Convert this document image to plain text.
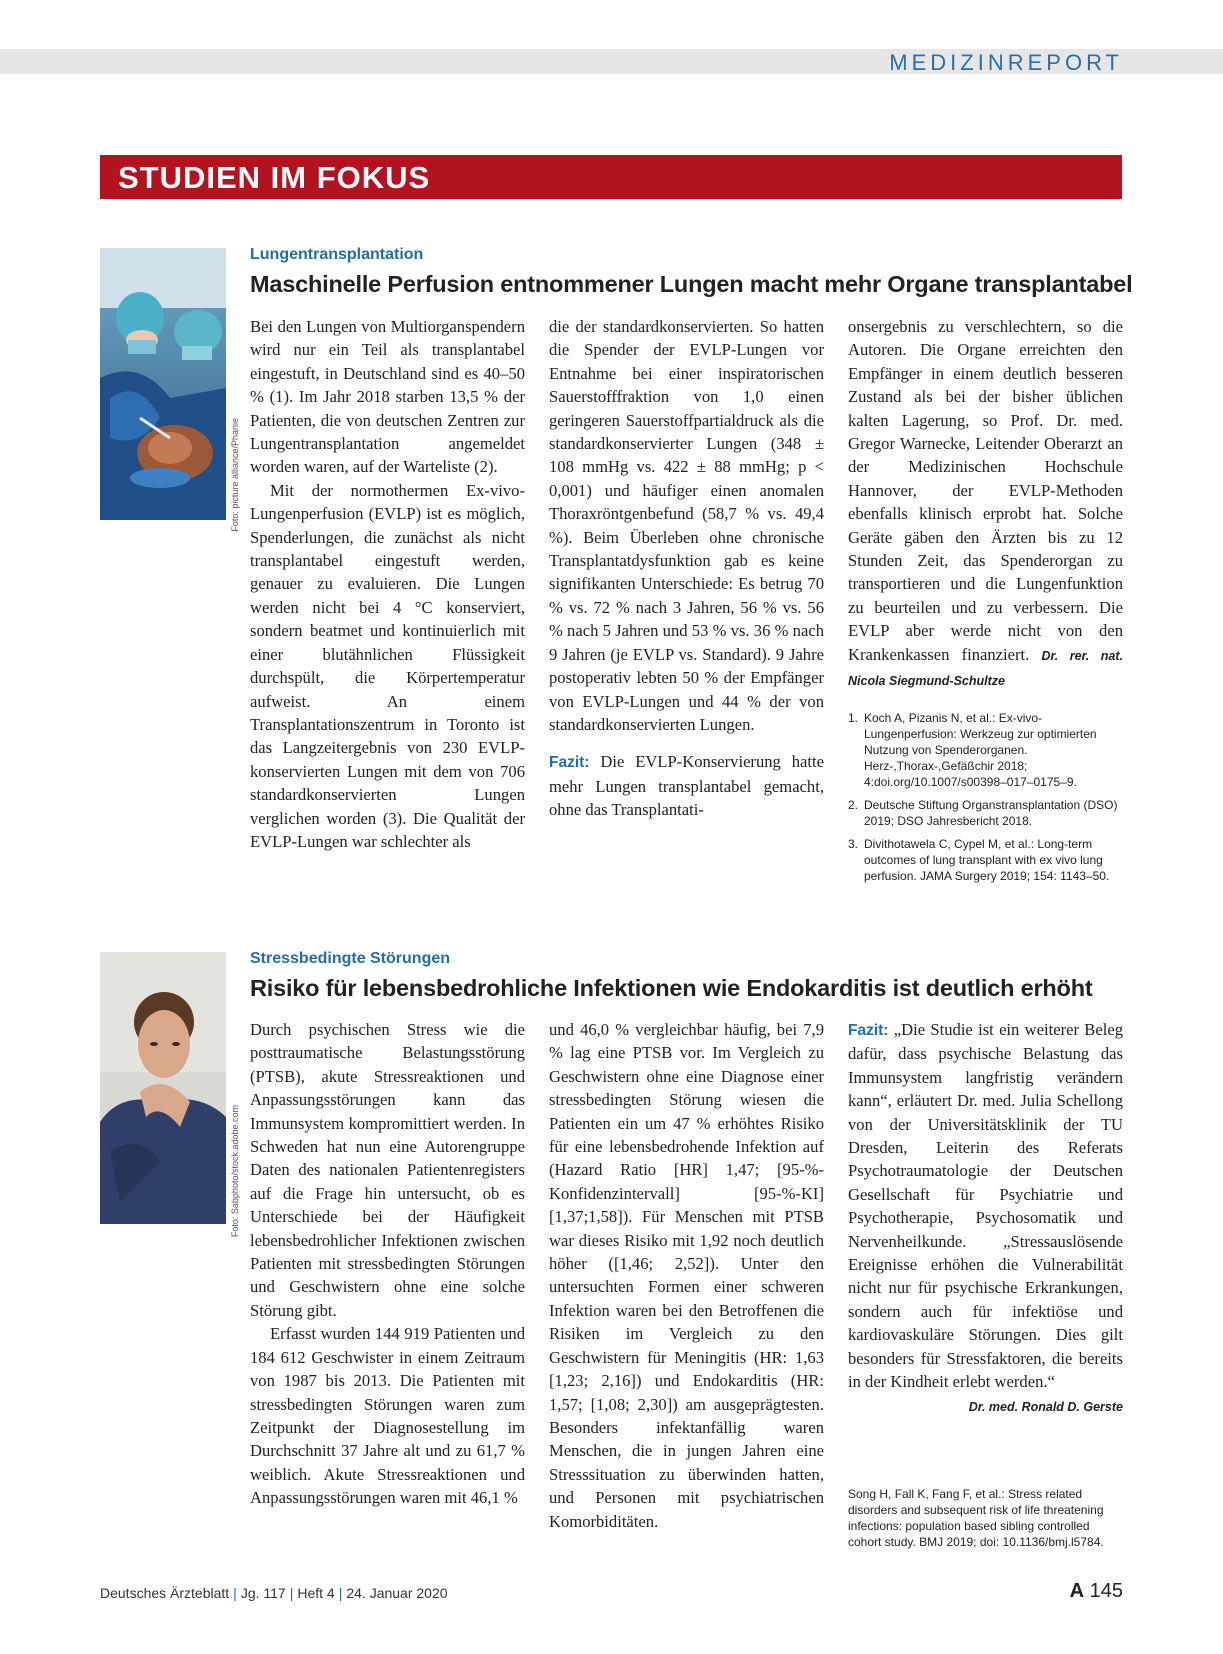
MEDIZINREPORT
STUDIEN IM FOKUS
Foto: picture alliance/Phanie
Lungentransplantation
Maschinelle Perfusion entnommener Lungen macht mehr Organe transplantabel

Bei den Lungen von Multiorganspendern wird nur ein Teil als transplantabel eingestuft, in Deutschland sind es 40–50 % (1). Im Jahr 2018 starben 13,5 % der Patienten, die von deutschen Zentren zur Lungentransplantation angemeldet worden waren, auf der Warteliste (2).

Mit der normothermen Ex-vivo-Lungenperfusion (EVLP) ist es möglich, Spenderlungen, die zunächst als nicht transplantabel eingestuft werden, genauer zu evaluieren. Die Lungen werden nicht bei 4 °C konserviert, sondern beatmet und kontinuierlich mit einer blutähnlichen Flüssigkeit durchspült, die Körpertemperatur aufweist. An einem Transplantationszentrum in Toronto ist das Langzeitergebnis von 230 EVLP-konservierten Lungen mit dem von 706 standardkonservierten Lungen verglichen worden (3). Die Qualität der EVLP-Lungen war schlechter als

die der standardkonservierten. So hatten die Spender der EVLP-Lungen vor Entnahme bei einer inspiratorischen Sauerstofffraktion von 1,0 einen geringeren Sauerstoffpartialdruck als die standardkonservierter Lungen (348 ± 108 mmHg vs. 422 ± 88 mmHg; p < 0,001) und häufiger einen anomalen Thoraxröntgenbefund (58,7 % vs. 49,4 %). Beim Überleben ohne chronische Transplantatdysfunktion gab es keine signifikanten Unterschiede: Es betrug 70 % vs. 72 % nach 3 Jahren, 56 % vs. 56 % nach 5 Jahren und 53 % vs. 36 % nach 9 Jahren (je EVLP vs. Standard). 9 Jahre postoperativ lebten 50 % der Empfänger von EVLP-Lungen und 44 % der von standardkonservierten Lungen.

Fazit: Die EVLP-Konservierung hatte mehr Lungen transplantabel gemacht, ohne das Transplantati-

onsergebnis zu verschlechtern, so die Autoren. Die Organe erreichten den Empfänger in einem deutlich besseren Zustand als bei der bisher üblichen kalten Lagerung, so Prof. Dr. med. Gregor Warnecke, Leitender Oberarzt an der Medizinischen Hochschule Hannover, der EVLP-Methoden ebenfalls klinisch erprobt hat. Solche Geräte gäben den Ärzten bis zu 12 Stunden Zeit, das Spenderorgan zu transportieren und die Lungenfunktion zu beurteilen und zu verbessern. Die EVLP aber werde nicht von den Krankenkassen finanziert. Dr. rer. nat. Nicola Siegmund-Schultze

1. Koch A, Pizanis N, et al.: Ex-vivo-Lungenperfusion: Werkzeug zur optimierten Nutzung von Spenderorganen. Herz-,Thorax-,Gefäßchir 2018; 4:doi.org/10.1007/s00398–017–0175–9.
2. Deutsche Stiftung Organstransplantation (DSO) 2019; DSO Jahresbericht 2018.
3. Divithotawela C, Cypel M, et al.: Long-term outcomes of lung transplant with ex vivo lung perfusion. JAMA Surgery 2019; 154: 1143–50.
Foto: Sabphoto/stock.adobe.com
Stressbedingte Störungen
Risiko für lebensbedrohliche Infektionen wie Endokarditis ist deutlich erhöht

Durch psychischen Stress wie die posttraumatische Belastungsstörung (PTSB), akute Stressreaktionen und Anpassungsstörungen kann das Immunsystem kompromittiert werden. In Schweden hat nun eine Autorengruppe Daten des nationalen Patientenregisters auf die Frage hin untersucht, ob es Unterschiede bei der Häufigkeit lebensbedrohlicher Infektionen zwischen Patienten mit stressbedingten Störungen und Geschwistern ohne eine solche Störung gibt.

Erfasst wurden 144 919 Patienten und 184 612 Geschwister in einem Zeitraum von 1987 bis 2013. Die Patienten mit stressbedingten Störungen waren zum Zeitpunkt der Diagnosestellung im Durchschnitt 37 Jahre alt und zu 61,7 % weiblich. Akute Stressreaktionen und Anpassungsstörungen waren mit 46,1 %

und 46,0 % vergleichbar häufig, bei 7,9 % lag eine PTSB vor. Im Vergleich zu Geschwistern ohne eine Diagnose einer stressbedingten Störung wiesen die Patienten ein um 47 % erhöhtes Risiko für eine lebensbedrohende Infektion auf (Hazard Ratio [HR] 1,47; [95-%- Konfidenzintervall] [95-%-KI] [1,37;1,58]). Für Menschen mit PTSB war dieses Risiko mit 1,92 noch deutlich höher ([1,46; 2,52]). Unter den untersuchten Formen einer schweren Infektion waren bei den Betroffenen die Risiken im Vergleich zu den Geschwistern für Meningitis (HR: 1,63 [1,23; 2,16]) und Endokarditis (HR: 1,57; [1,08; 2,30]) am ausgeprägtesten. Besonders infektanfällig waren Menschen, die in jungen Jahren eine Stresssituation zu überwinden hatten, und Personen mit psychiatrischen Komorbiditäten.

Fazit: „Die Studie ist ein weiterer Beleg dafür, dass psychische Belastung das Immunsystem langfristig verändern kann“, erläutert Dr. med. Julia Schellong von der Universitätsklinik der TU Dresden, Leiterin des Referats Psychotraumatologie der Deutschen Gesellschaft für Psychiatrie und Psychotherapie, Psychosomatik und Nervenheilkunde. „Stressauslösende Ereignisse erhöhen die Vulnerabilität nicht nur für psychische Erkrankungen, sondern auch für infektiöse und kardiovaskuläre Störungen. Dies gilt besonders für Stressfaktoren, die bereits in der Kindheit erlebt werden.“

Dr. med. Ronald D. Gerste
Song H, Fall K, Fang F, et al.: Stress related disorders and subsequent risk of life threatening infections: population based sibling controlled cohort study. BMJ 2019; doi: 10.1136/bmj.l5784.
Deutsches Ärzteblatt | Jg. 117 | Heft 4 | 24. Januar 2020	A 145
